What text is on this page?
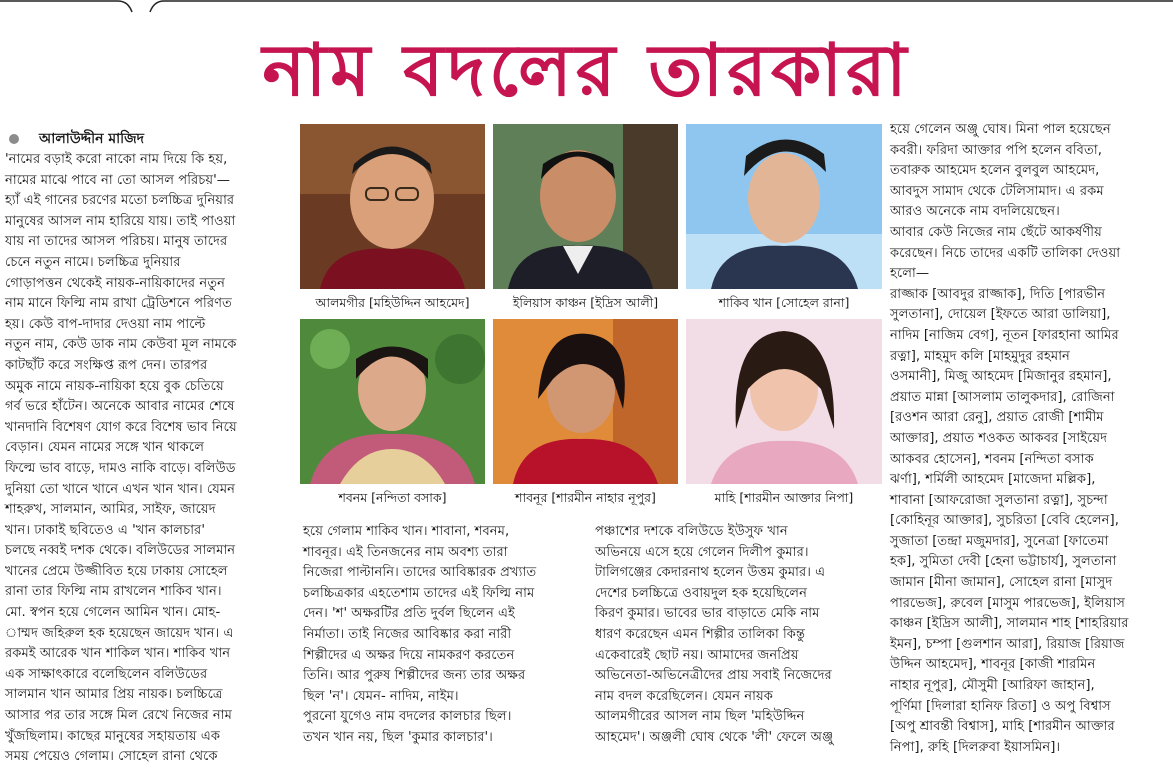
নাম বদলের তারকারা
আলাউদ্দীন মাজিদ

'নামের বড়াই করো নাকো নাম দিয়ে কি হয়,

নামের মাঝে পাবে না তো আসল পরিচয়'—

হ্যাঁ এই গানের চরণের মতো চলচ্চিত্র দুনিয়ার

মানুষের আসল নাম হারিয়ে যায়। তাই পাওয়া

যায় না তাদের আসল পরিচয়। মানুষ তাদের

চেনে নতুন নামে। চলচ্চিত্র দুনিয়ার

গোড়াপত্তন থেকেই নায়ক-নায়িকাদের নতুন

নাম মানে ফিল্মি নাম রাখা ট্রেডিশনে পরিণত

হয়। কেউ বাপ-দাদার দেওয়া নাম পাল্টে

নতুন নাম, কেউ ডাক নাম কেউবা মূল নামকে

কাটছাঁট করে সংক্ষিপ্ত রূপ দেন। তারপর

অমুক নামে নায়ক-নায়িকা হয়ে বুক চেতিয়ে

গর্ব ভরে হাঁটেন। অনেকে আবার নামের শেষে

খানদানি বিশেষণ যোগ করে বিশেষ ভাব নিয়ে

বেড়ান। যেমন নামের সঙ্গে খান থাকলে

ফিল্মে ভাব বাড়ে, দামও নাকি বাড়ে। বলিউড

দুনিয়া তো খানে খানে এখন খান খান। যেমন

শাহরুখ, সালমান, আমির, সাইফ, জায়েদ

খান। ঢাকাই ছবিতেও এ 'খান কালচার'

চলছে নব্বই দশক থেকে। বলিউডের সালমান

খানের প্রেমে উজ্জীবিত হয়ে ঢাকায় সোহেল

রানা তার ফিল্মি নাম রাখলেন শাকিব খান।

মো. স্বপন হয়ে গেলেন আমিন খান। মোহ-

াম্মদ জহিরুল হক হয়েছেন জায়েদ খান। এ

রকমই আরেক খান শাকিল খান। শাকিব খান

এক সাক্ষাৎকারে বলেছিলেন বলিউডের

সালমান খান আমার প্রিয় নায়ক। চলচ্চিত্রে

আসার পর তার সঙ্গে মিল রেখে নিজের নাম

খুঁজছিলাম। কাছের মানুষের সহায়তায় এক

সময় পেয়েও গেলাম। সোহেল রানা থেকে

আলমগীর [মহিউদ্দিন আহমেদ]	ইলিয়াস কাঞ্চন [ইদ্রিস আলী]	শাকিব খান [সোহেল রানা]
শবনম [নন্দিতা বসাক]	শাবনূর [শারমীন নাহার নূপুর]	মাহি [শারমীন আক্তার নিপা]

হয়ে গেলাম শাকিব খান। শাবানা, শবনম,

শাবনূর। এই তিনজনের নাম অবশ্য তারা

নিজেরা পাল্টাননি। তাদের আবিষ্কারক প্রখ্যাত

চলচ্চিত্রকার এহতেশাম তাদের এই ফিল্মি নাম

দেন। 'শ' অক্ষরটির প্রতি দুর্বল ছিলেন এই

নির্মাতা। তাই নিজের আবিষ্কার করা নারী

শিল্পীদের এ অক্ষর দিয়ে নামকরণ করতেন

তিনি। আর পুরুষ শিল্পীদের জন্য তার অক্ষর

ছিল 'ন'। যেমন- নাদিম, নাইম।

পুরনো যুগেও নাম বদলের কালচার ছিল।

তখন খান নয়, ছিল 'কুমার কালচার'।

পঞ্চাশের দশকে বলিউডে ইউসুফ খান

অভিনয়ে এসে হয়ে গেলেন দিলীপ কুমার।

টালিগঞ্জের কেদারনাথ হলেন উত্তম কুমার। এ

দেশের চলচ্চিত্রে ওবায়দুল হক হয়েছিলেন

কিরণ কুমার। ভাবের ভার বাড়াতে মেকি নাম

ধারণ করেছেন এমন শিল্পীর তালিকা কিন্তু

একেবারেই ছোট নয়। আমাদের জনপ্রিয়

অভিনেতা-অভিনেত্রীদের প্রায় সবাই নিজেদের

নাম বদল করেছিলেন। যেমন নায়ক

আলমগীরের আসল নাম ছিল 'মহিউদ্দিন

আহমেদ'। অঞ্জলী ঘোষ থেকে 'লী' ফেলে অঞ্জু

হয়ে গেলেন অঞ্জু ঘোষ। মিনা পাল হয়েছেন

কবরী। ফরিদা আক্তার পপি হলেন ববিতা,

তবারুক আহমেদ হলেন বুলবুল আহমেদ,

আবদুস সামাদ থেকে টেলিসামাদ। এ রকম

আরও অনেকে নাম বদলিয়েছেন।

আবার কেউ নিজের নাম ছেঁটে আকর্ষণীয়

করেছেন। নিচে তাদের একটি তালিকা দেওয়া

হলো—

রাজ্জাক [আবদুর রাজ্জাক], দিতি [পারভীন

সুলতানা], দোয়েল [ইফতে আরা ডালিয়া],

নাদিম [নাজিম বেগ], নূতন [ফারহানা আমির

রত্না], মাহমুদ কলি [মাহমুদুর রহমান

ওসমানী], মিজু আহমেদ [মিজানুর রহমান],

প্রয়াত মান্না [আসলাম তালুকদার], রোজিনা

[রওশন আরা রেনু], প্রয়াত রোজী [শামীম

আক্তার], প্রয়াত শওকত আকবর [সাইয়েদ

আকবর হোসেন], শবনম [নন্দিতা বসাক

ঝর্ণা], শর্মিলী আহমেদ [মাজেদা মল্লিক],

শাবানা [আফরোজা সুলতানা রত্না], সুচন্দা

[কোহিনূর আক্তার], সুচরিতা [বেবি হেলেন],

সুজাতা [তন্দ্রা মজুমদার], সুনেত্রা [ফাতেমা

হক], সুমিতা দেবী [হেনা ভট্টাচার্য], সুলতানা

জামান [মীনা জামান], সোহেল রানা [মাসুদ

পারভেজ], রুবেল [মাসুম পারভেজ], ইলিয়াস

কাঞ্চন [ইদ্রিস আলী], সালমান শাহ [শাহরিয়ার

ইমন], চম্পা [গুলশান আরা], রিয়াজ [রিয়াজ

উদ্দিন আহমেদ], শাবনূর [কাজী শারমিন

নাহার নূপুর], মৌসুমী [আরিফা জাহান],

পূর্ণিমা [দিলারা হানিফ রিতা] ও অপু বিশ্বাস

[অপু শ্রাবন্তী বিশ্বাস], মাহি [শারমীন আক্তার

নিপা], রুহি [দিলরুবা ইয়াসমিন]।
